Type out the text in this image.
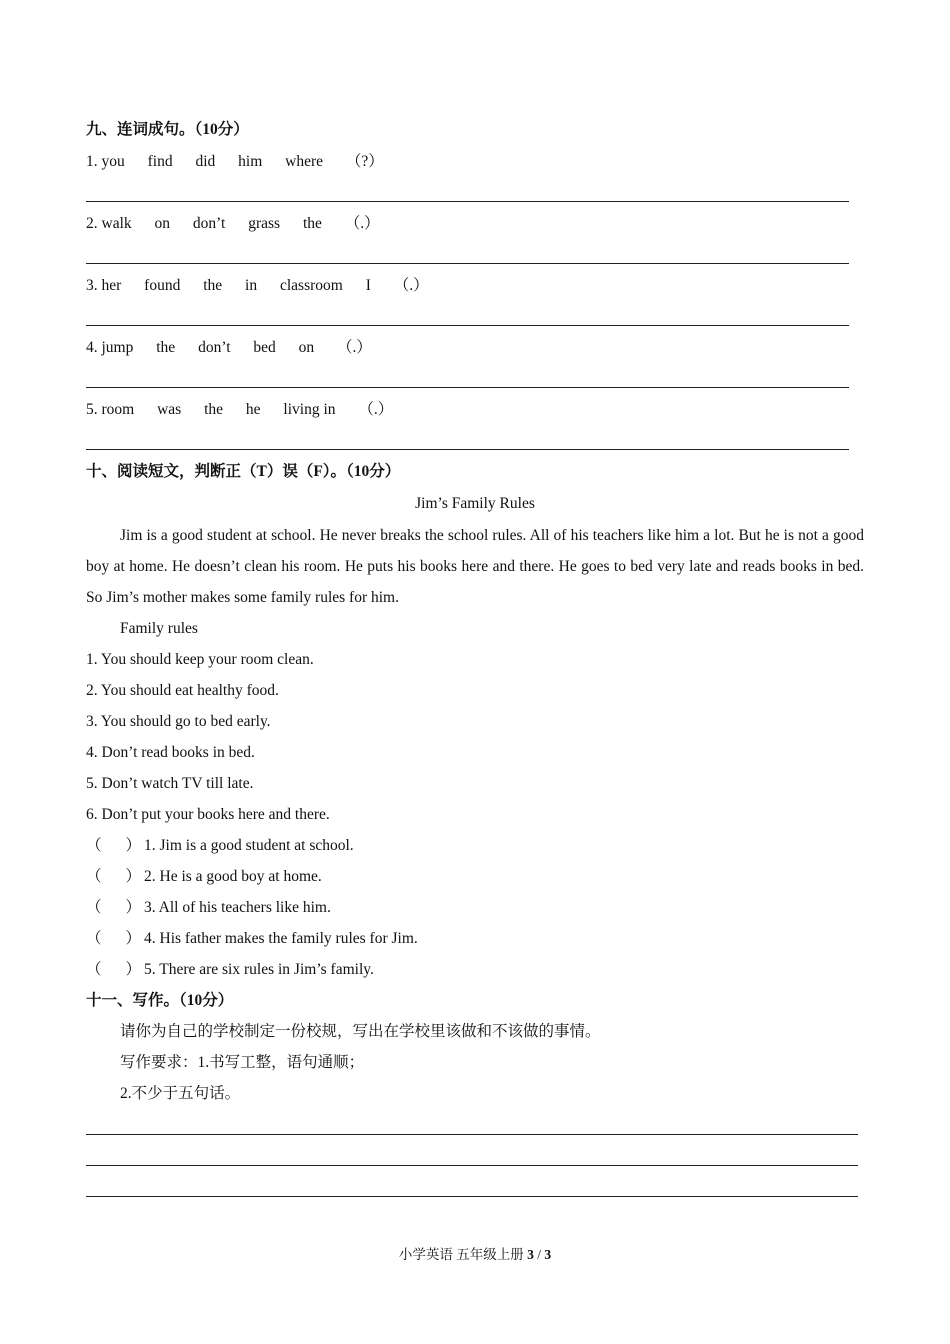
九、连词成句。（10分）
1. you find did him where （?）
2. walk on don’t grass the （.）
3. her found the in classroom I （.）
4. jump the don’t bed on （.）
5. room was the he living in （.）
十、阅读短文，判断正（T）误（F）。（10分）
Jim’s Family Rules
Jim is a good student at school. He never breaks the school rules. All of his teachers like him a lot. But he is not a good boy at home. He doesn’t clean his room. He puts his books here and there. He goes to bed very late and reads books in bed. So Jim’s mother makes some family rules for him.
Family rules
1. You should keep your room clean.
2. You should eat healthy food.
3. You should go to bed early.
4. Don’t read books in bed.
5. Don’t watch TV till late.
6. Don’t put your books here and there.
（ ） 1. Jim is a good student at school.
（ ） 2. He is a good boy at home.
（ ） 3. All of his teachers like him.
（ ） 4. His father makes the family rules for Jim.
（ ） 5. There are six rules in Jim’s family.
十一、写作。（10分）
请你为自己的学校制定一份校规，写出在学校里该做和不该做的事情。
写作要求：1.书写工整，语句通顺；
2.不少于五句话。
小学英语 五年级上册 3 / 3
